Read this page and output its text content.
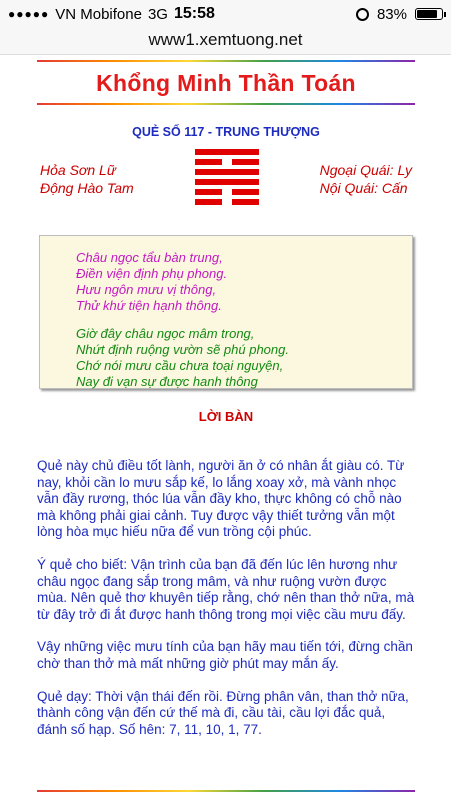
●●●●● VN Mobifone 3G 15:58	83%
www1.xemtuong.net
Khổng Minh Thần Toán
QUẺ SỐ 117 - TRUNG THƯỢNG
Hỏa Sơn Lữ
Động Hào Tam
Ngoại Quái: Ly
Nội Quái: Cấn
Châu ngọc tẩu bàn trung,
Điền viện định phụ phong.
Hưu ngôn mưu vị thông,
Thử khứ tiện hạnh thông.
Giờ đây châu ngọc mâm trong,
Nhứt định ruộng vườn sẽ phú phong.
Chớ nói mưu cầu chưa toại nguyện,
Nay đi vạn sự được hanh thông
LỜI BÀN

Quẻ này chủ điều tốt lành, người ăn ở có nhân ắt giàu có. Từ nay, khỏi cần lo mưu sắp kế, lo lắng xoay xở, mà vành nhọc vẫn đầy rương, thóc lúa vẫn đầy kho, thực không có chỗ nào mà không phải giai cảnh. Tuy được vậy thiết tưởng vẫn một lòng hòa mục hiếu nữa để vun trồng cội phúc.

Ý quẻ cho biết: Vận trình của bạn đã đến lúc lên hương như châu ngọc đang sắp trong mâm, và như ruộng vườn được mùa. Nên quẻ thơ khuyên tiếp rằng, chớ nên than thở nữa, mà từ đây trở đi ắt được hanh thông trong mọi việc cầu mưu đấy.

Vậy những việc mưu tính của bạn hãy mau tiến tới, đừng chần chờ than thở mà mất những giờ phút may mắn ấy.

Quẻ dạy: Thời vận thái đến rồi. Đừng phân vân, than thở nữa, thành công vận đến cứ thế mà đi, cầu tài, cầu lợi đắc quả, đánh số hạp. Số hên: 7, 11, 10, 1, 77.
